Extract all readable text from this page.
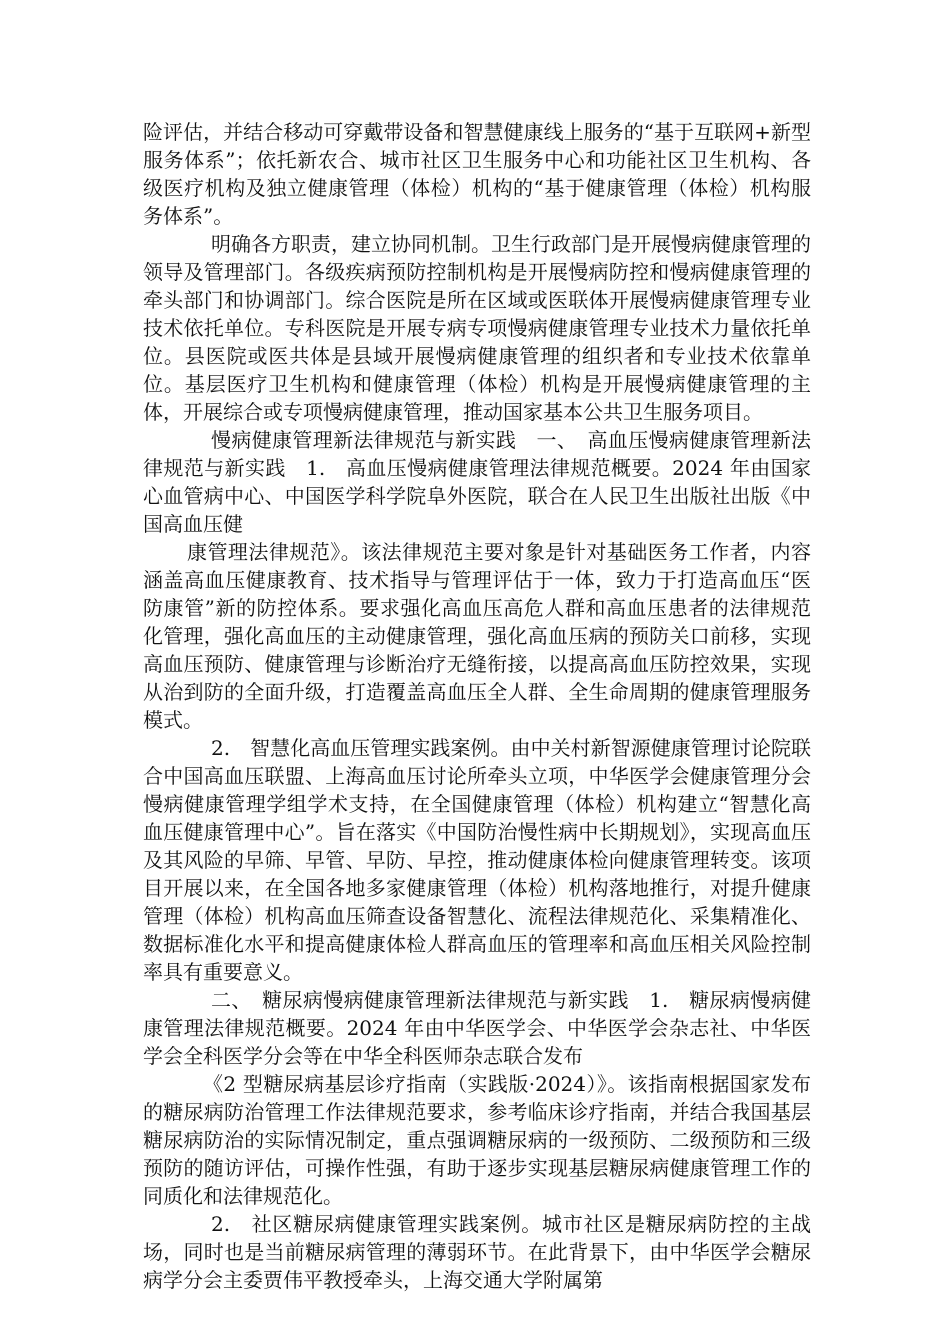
险评估，并结合移动可穿戴带设备和智慧健康线上服务的“基于互联网+新型服务体系”；依托新农合、城市社区卫生服务中心和功能社区卫生机构、各级医疗机构及独立健康管理（体检）机构的“基于健康管理（体检）机构服务体系”。

明确各方职责，建立协同机制。卫生行政部门是开展慢病健康管理的领导及管理部门。各级疾病预防控制机构是开展慢病防控和慢病健康管理的牵头部门和协调部门。综合医院是所在区域或医联体开展慢病健康管理专业技术依托单位。专科医院是开展专病专项慢病健康管理专业技术力量依托单位。县医院或医共体是县域开展慢病健康管理的组织者和专业技术依靠单位。基层医疗卫生机构和健康管理（体检）机构是开展慢病健康管理的主体，开展综合或专项慢病健康管理，推动国家基本公共卫生服务项目。

慢病健康管理新法律规范与新实践　一、　高血压慢病健康管理新法律规范与新实践　1.　高血压慢病健康管理法律规范概要。2024 年由国家心血管病中心、中国医学科学院阜外医院，联合在人民卫生出版社出版《中国高血压健

康管理法律规范》。该法律规范主要对象是针对基础医务工作者，内容涵盖高血压健康教育、技术指导与管理评估于一体，致力于打造高血压“医防康管”新的防控体系。要求强化高血压高危人群和高血压患者的法律规范化管理，强化高血压的主动健康管理，强化高血压病的预防关口前移，实现高血压预防、健康管理与诊断治疗无缝衔接，以提高高血压防控效果，实现从治到防的全面升级，打造覆盖高血压全人群、全生命周期的健康管理服务模式。

2.　智慧化高血压管理实践案例。由中关村新智源健康管理讨论院联合中国高血压联盟、上海高血压讨论所牵头立项，中华医学会健康管理分会慢病健康管理学组学术支持，在全国健康管理（体检）机构建立“智慧化高血压健康管理中心”。旨在落实《中国防治慢性病中长期规划》，实现高血压及其风险的早筛、早管、早防、早控，推动健康体检向健康管理转变。该项目开展以来，在全国各地多家健康管理（体检）机构落地推行，对提升健康管理（体检）机构高血压筛查设备智慧化、流程法律规范化、采集精准化、数据标准化水平和提高健康体检人群高血压的管理率和高血压相关风险控制率具有重要意义。

二、　糖尿病慢病健康管理新法律规范与新实践　1.　糖尿病慢病健康管理法律规范概要。2024 年由中华医学会、中华医学会杂志社、中华医学会全科医学分会等在中华全科医师杂志联合发布

《2 型糖尿病基层诊疗指南（实践版·2024）》。该指南根据国家发布的糖尿病防治管理工作法律规范要求，参考临床诊疗指南，并结合我国基层糖尿病防治的实际情况制定，重点强调糖尿病的一级预防、二级预防和三级预防的随访评估，可操作性强，有助于逐步实现基层糖尿病健康管理工作的同质化和法律规范化。

2.　社区糖尿病健康管理实践案例。城市社区是糖尿病防控的主战场，同时也是当前糖尿病管理的薄弱环节。在此背景下，由中华医学会糖尿病学分会主委贾伟平教授牵头，上海交通大学附属第
